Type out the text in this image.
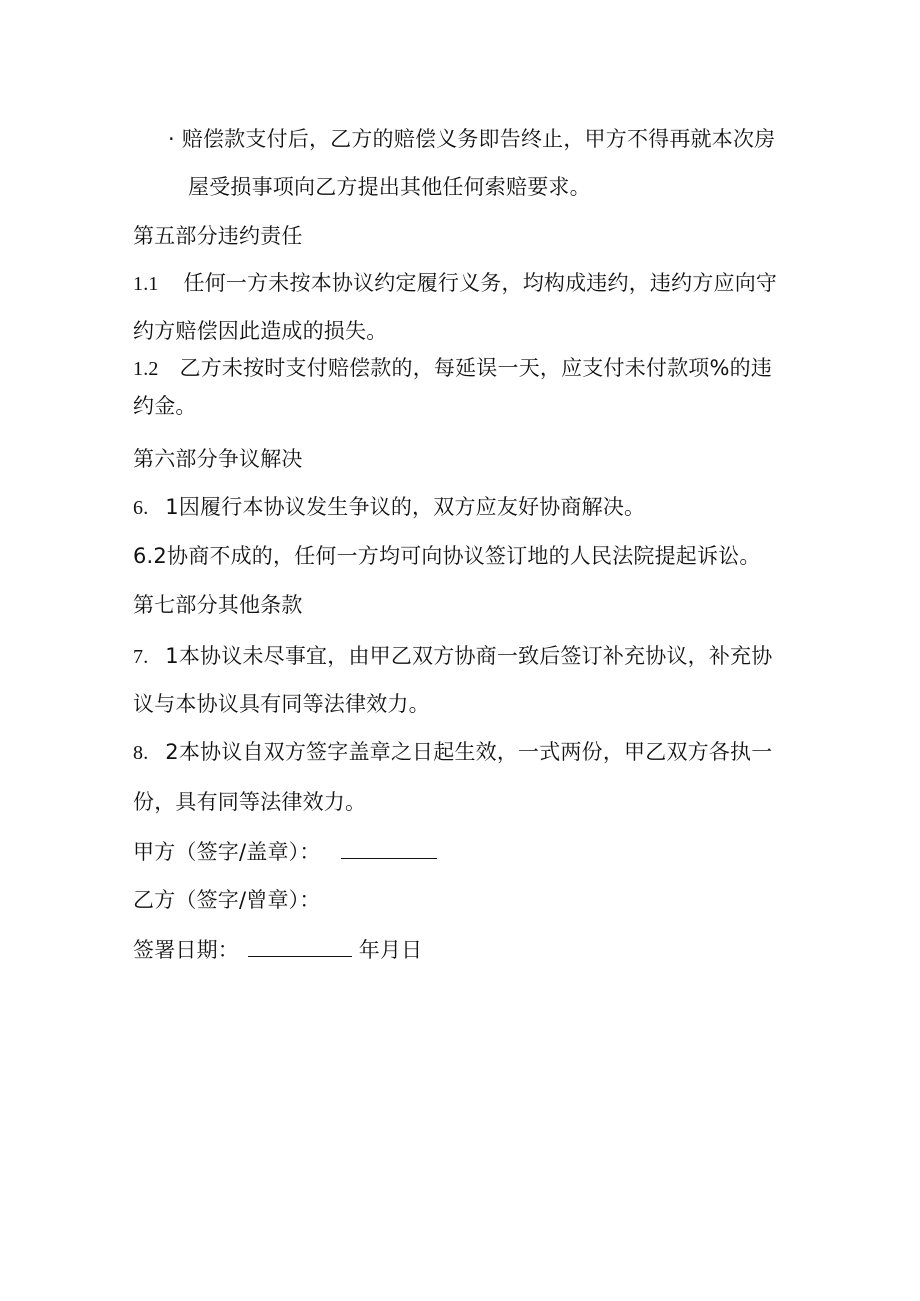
· 赔偿款支付后，乙方的赔偿义务即告终止，甲方不得再就本次房
屋受损事项向乙方提出其他任何索赔要求。
第五部分违约责任
1.1 任何一方未按本协议约定履行义务，均构成违约，违约方应向守
约方赔偿因此造成的损失。
1.2 乙方未按时支付赔偿款的，每延误一天，应支付未付款项%的违
约金。
第六部分争议解决
6. 1因履行本协议发生争议的，双方应友好协商解决。
6.2协商不成的，任何一方均可向协议签订地的人民法院提起诉讼。
第七部分其他条款
7. 1本协议未尽事宜，由甲乙双方协商一致后签订补充协议，补充协
议与本协议具有同等法律效力。
8. 2本协议自双方签字盖章之日起生效，一式两份，甲乙双方各执一
份，具有同等法律效力。
甲方（签字/盖章）：
乙方（签字/曾章）：
签署日期：	年月日
